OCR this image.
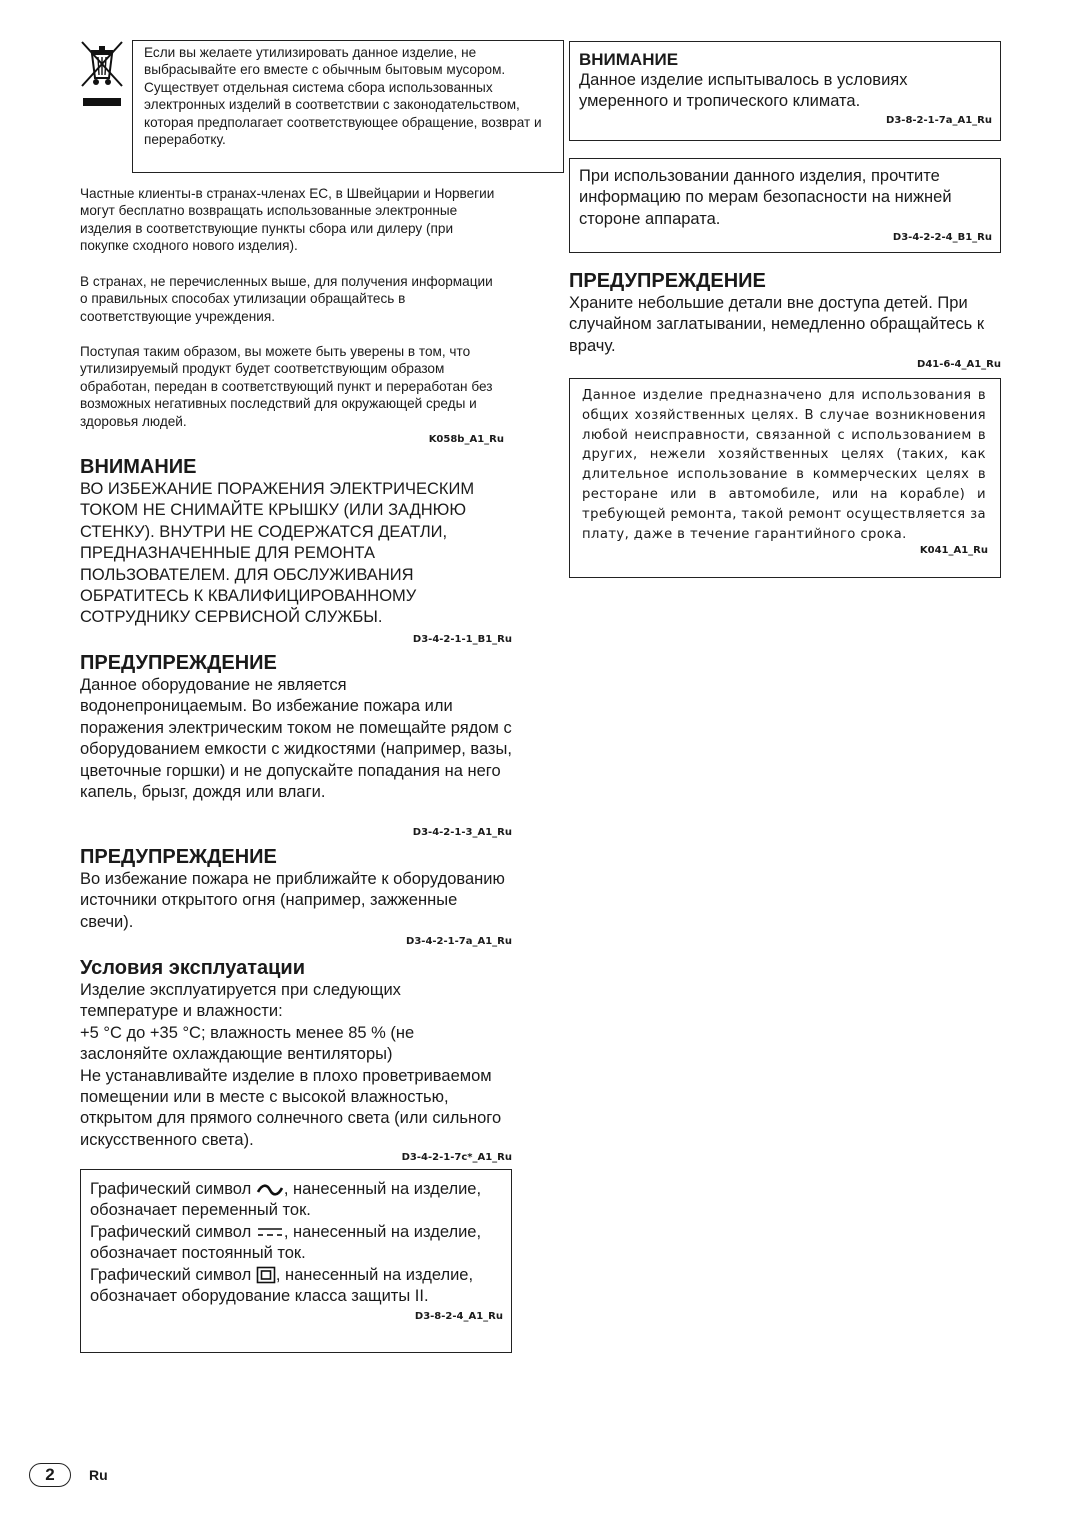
Если вы желаете утилизировать данное изделие, не выбрасывайте его вместе с обычным бытовым мусором. Существует отдельная система сбора использованных электронных изделий в соответствии с законодательством, которая предполагает соответствующее обращение, возврат и переработку.

Частные клиенты-в странах-членах ЕС, в Швейцарии и Норвегии могут бесплатно возвращать использованные электронные изделия в соответствующие пункты сбора или дилеру (при покупке сходного нового изделия).

В странах, не перечисленных выше, для получения информации о правильных способах утилизации обращайтесь в соответствующие учреждения.

Поступая таким образом, вы можете быть уверены в том, что утилизируемый продукт будет соответствующим образом обработан, передан в соответствующий пункт и переработан без возможных негативных последствий для окружающей среды и здоровья людей.

K058b_A1_Ru
ВНИМАНИЕ

ВО ИЗБЕЖАНИЕ ПОРАЖЕНИЯ ЭЛЕКТРИЧЕСКИМ ТОКОМ НЕ СНИМАЙТЕ КРЫШКУ (ИЛИ ЗАДНЮЮ СТЕНКУ). ВНУТРИ НЕ СОДЕРЖАТСЯ ДЕАТЛИ, ПРЕДНАЗНАЧЕННЫЕ ДЛЯ РЕМОНТА ПОЛЬЗОВАТЕЛЕМ. ДЛЯ ОБСЛУЖИВАНИЯ ОБРАТИТЕСЬ К КВАЛИФИЦИРОВАННОМУ СОТРУДНИКУ СЕРВИСНОЙ СЛУЖБЫ.

D3-4-2-1-1_B1_Ru
ПРЕДУПРЕЖДЕНИЕ

Данное оборудование не является водонепроницаемым. Во избежание пожара или поражения электрическим током не помещайте рядом с оборудованием емкости с жидкостями (например, вазы, цветочные горшки) и не допускайте попадания на него капель, брызг, дождя или влаги.

D3-4-2-1-3_A1_Ru
ПРЕДУПРЕЖДЕНИЕ

Во избежание пожара не приближайте к оборудованию источники открытого огня (например, зажженные свечи).

D3-4-2-1-7a_A1_Ru
Условия эксплуатации

Изделие эксплуатируется при следующих температуре и влажности:

+5 °C до +35 °C; влажность менее 85 % (не заслоняйте охлаждающие вентиляторы)

Не устанавливайте изделие в плохо проветриваемом помещении или в месте с высокой влажностью, открытом для прямого солнечного света (или сильного искусственного света).

D3-4-2-1-7c*_A1_Ru

Графический символ , нанесенный на изделие, обозначает переменный ток.

Графический символ , нанесенный на изделие, обозначает постоянный ток.

Графический символ , нанесенный на изделие, обозначает оборудование класса защиты II.

D3-8-2-4_A1_Ru
ВНИМАНИЕ

Данное изделие испытывалось в условиях умеренного и тропического климата.

D3-8-2-1-7a_A1_Ru

При использовании данного изделия, прочтите информацию по мерам безопасности на нижней стороне аппарата.

D3-4-2-2-4_B1_Ru
ПРЕДУПРЕЖДЕНИЕ

Храните небольшие детали вне доступа детей. При случайном заглатывании, немедленно обращайтесь к врачу.

D41-6-4_A1_Ru

Данное изделие предназначено для использования в общих хозяйственных целях. В случае возникновения любой неисправности, связанной с использованием в других, нежели хозяйственных целях (таких, как длительное использование в коммерческих целях в ресторане или в автомобиле, или на корабле) и требующей ремонта, такой ремонт осуществляется за плату, даже в течение гарантийного срока.

K041_A1_Ru
2	Ru
